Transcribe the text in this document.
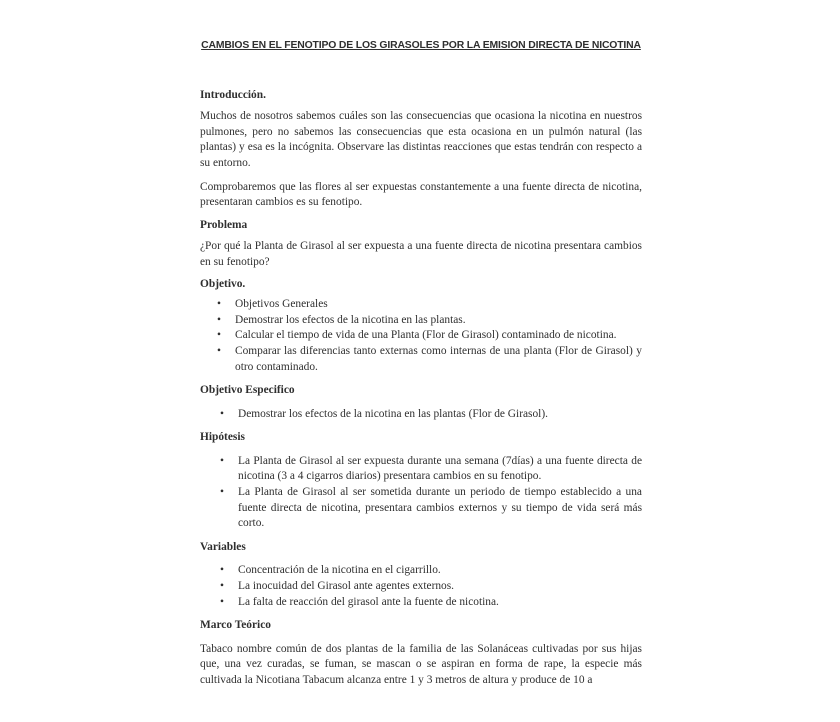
CAMBIOS EN EL FENOTIPO DE LOS GIRASOLES POR LA EMISION DIRECTA DE NICOTINA
Introducción.

Muchos de nosotros sabemos cuáles son las consecuencias que ocasiona la nicotina en nuestros pulmones, pero no sabemos las consecuencias que esta ocasiona en un pulmón natural (las plantas) y esa es la incógnita. Observare las distintas reacciones que estas tendrán con respecto a su entorno.

Comprobaremos que las flores al ser expuestas constantemente a una fuente directa de nicotina, presentaran cambios es su fenotipo.

Problema

¿Por qué la Planta de Girasol al ser expuesta a una fuente directa de nicotina presentara cambios en su fenotipo?

Objetivo.
• Objetivos Generales
• Demostrar los efectos de la nicotina en las plantas.
• Calcular el tiempo de vida de una Planta (Flor de Girasol) contaminado de nicotina.
• Comparar las diferencias tanto externas como internas de una planta (Flor de Girasol) y otro contaminado.
Objetivo Especifico
• Demostrar los efectos de la nicotina en las plantas (Flor de Girasol).
Hipótesis
• La Planta de Girasol al ser expuesta durante una semana (7días) a una fuente directa de nicotina (3 a 4 cigarros diarios) presentara cambios en su fenotipo.
• La Planta de Girasol al ser sometida durante un periodo de tiempo establecido a una fuente directa de nicotina, presentara cambios externos y su tiempo de vida será más corto.
Variables
• Concentración de la nicotina en el cigarrillo.
• La inocuidad del Girasol ante agentes externos.
• La falta de reacción del girasol ante la fuente de nicotina.
Marco Teórico

Tabaco nombre común de dos plantas de la familia de las Solanáceas cultivadas por sus hijas que, una vez curadas, se fuman, se mascan o se aspiran en forma de rape, la especie más cultivada la Nicotiana Tabacum alcanza entre 1 y 3 metros de altura y produce de 10 a
